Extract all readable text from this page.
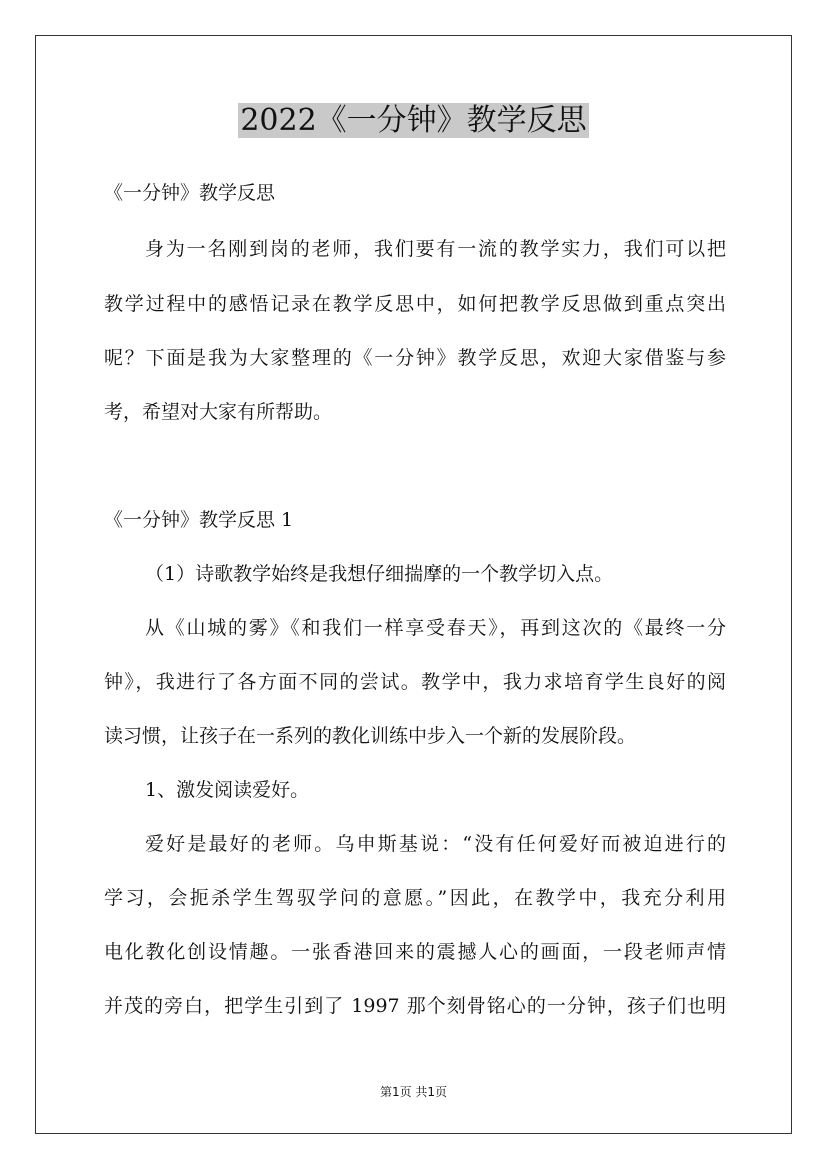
2022《一分钟》教学反思

《一分钟》教学反思

身为一名刚到岗的老师，我们要有一流的教学实力，我们可以把

教学过程中的感悟记录在教学反思中，如何把教学反思做到重点突出

呢？下面是我为大家整理的《一分钟》教学反思，欢迎大家借鉴与参

考，希望对大家有所帮助。

《一分钟》教学反思 1

（1）诗歌教学始终是我想仔细揣摩的一个教学切入点。

从《山城的雾》《和我们一样享受春天》，再到这次的《最终一分

钟》，我进行了各方面不同的尝试。教学中，我力求培育学生良好的阅

读习惯，让孩子在一系列的教化训练中步入一个新的发展阶段。

1、激发阅读爱好。

爱好是最好的老师。乌申斯基说：“没有任何爱好而被迫进行的

学习，会扼杀学生驾驭学问的意愿。”因此，在教学中，我充分利用

电化教化创设情趣。一张香港回来的震撼人心的画面，一段老师声情

并茂的旁白，把学生引到了 1997 那个刻骨铭心的一分钟，孩子们也明

第1页 共1页
